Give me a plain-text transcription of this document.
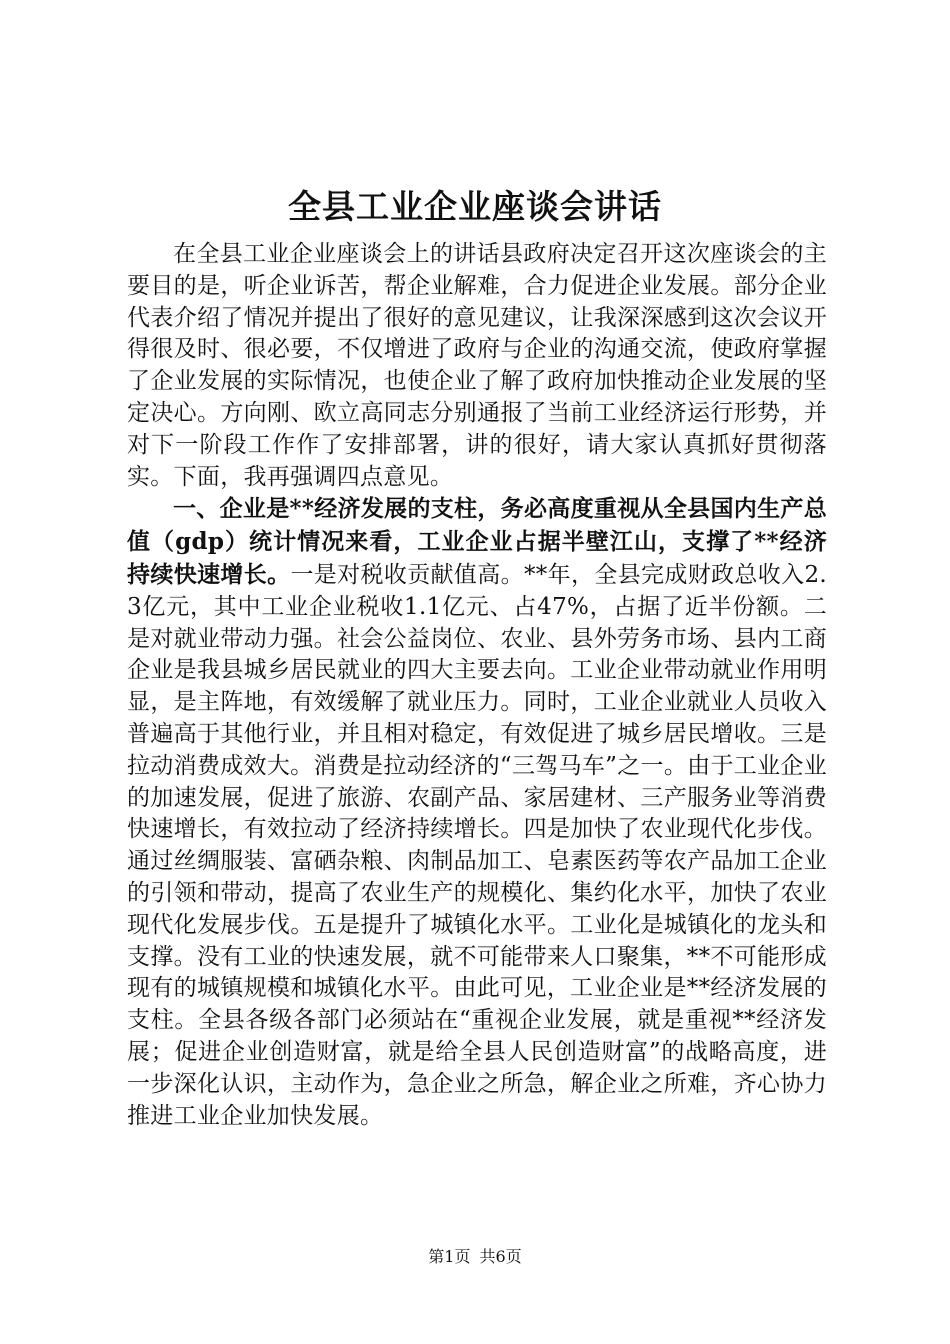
全县工业企业座谈会讲话

在全县工业企业座谈会上的讲话县政府决定召开这次座谈会的主要目的是，听企业诉苦，帮企业解难，合力促进企业发展。部分企业代表介绍了情况并提出了很好的意见建议，让我深深感到这次会议开得很及时、很必要，不仅增进了政府与企业的沟通交流，使政府掌握了企业发展的实际情况，也使企业了解了政府加快推动企业发展的坚定决心。方向刚、欧立高同志分别通报了当前工业经济运行形势，并对下一阶段工作作了安排部署，讲的很好，请大家认真抓好贯彻落实。下面，我再强调四点意见。

一、企业是**经济发展的支柱，务必高度重视从全县国内生产总值（gdp）统计情况来看，工业企业占据半壁江山，支撑了**经济持续快速增长。一是对税收贡献值高。**年，全县完成财政总收入2.3亿元，其中工业企业税收1.1亿元、占47%，占据了近半份额。二是对就业带动力强。社会公益岗位、农业、县外劳务市场、县内工商企业是我县城乡居民就业的四大主要去向。工业企业带动就业作用明显，是主阵地，有效缓解了就业压力。同时，工业企业就业人员收入普遍高于其他行业，并且相对稳定，有效促进了城乡居民增收。三是拉动消费成效大。消费是拉动经济的“三驾马车”之一。由于工业企业的加速发展，促进了旅游、农副产品、家居建材、三产服务业等消费快速增长，有效拉动了经济持续增长。四是加快了农业现代化步伐。通过丝绸服装、富硒杂粮、肉制品加工、皂素医药等农产品加工企业的引领和带动，提高了农业生产的规模化、集约化水平，加快了农业现代化发展步伐。五是提升了城镇化水平。工业化是城镇化的龙头和支撑。没有工业的快速发展，就不可能带来人口聚集，**不可能形成现有的城镇规模和城镇化水平。由此可见，工业企业是**经济发展的支柱。全县各级各部门必须站在“重视企业发展，就是重视**经济发展；促进企业创造财富，就是给全县人民创造财富”的战略高度，进一步深化认识，主动作为，急企业之所急，解企业之所难，齐心协力推进工业企业加快发展。

第1页 共6页
